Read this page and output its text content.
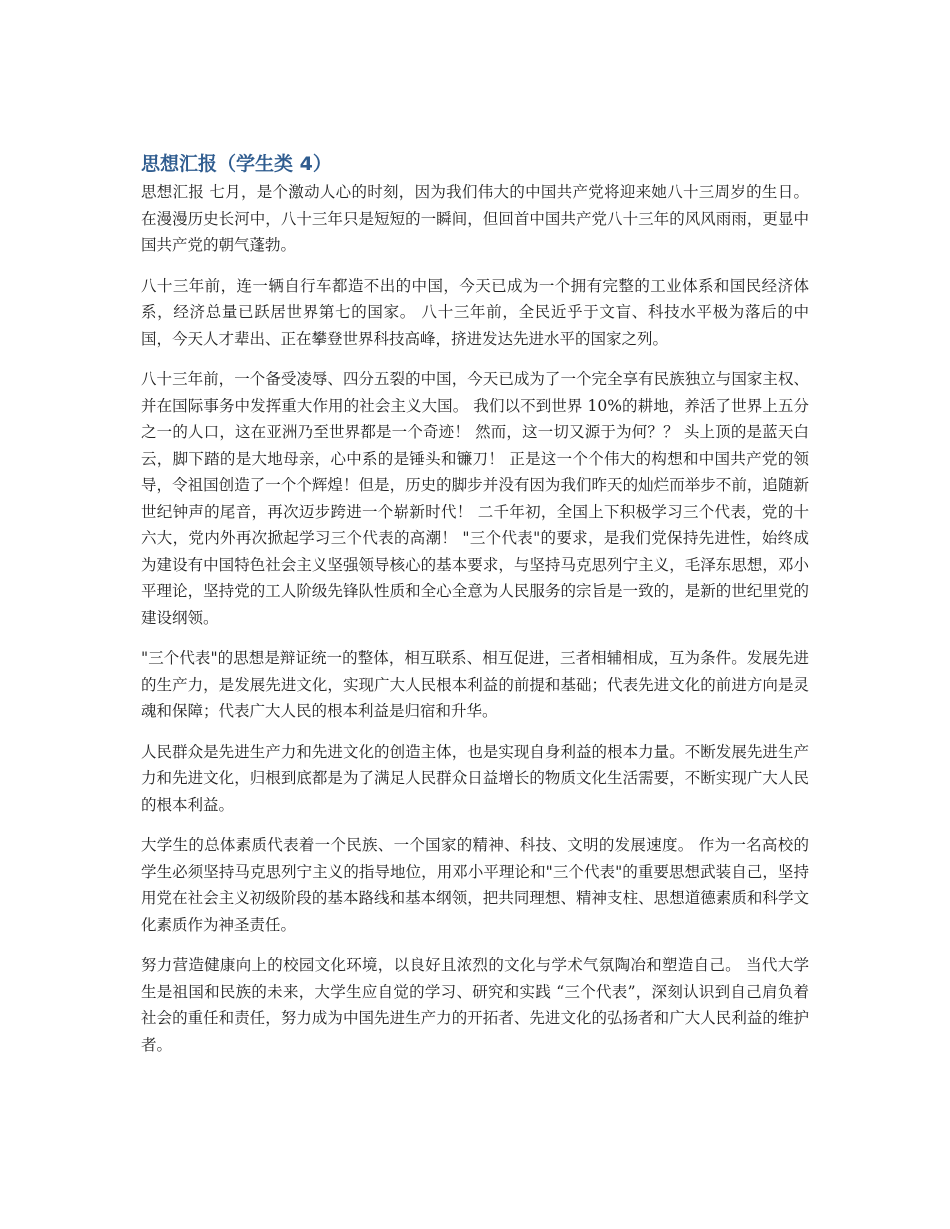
思想汇报（学生类 4）

思想汇报 七月，是个激动人心的时刻，因为我们伟大的中国共产党将迎来她八十三周岁的生日。在漫漫历史长河中，八十三年只是短短的一瞬间，但回首中国共产党八十三年的风风雨雨，更显中国共产党的朝气蓬勃。

八十三年前，连一辆自行车都造不出的中国，今天已成为一个拥有完整的工业体系和国民经济体系，经济总量已跃居世界第七的国家。 八十三年前，全民近乎于文盲、科技水平极为落后的中国，今天人才辈出、正在攀登世界科技高峰，挤进发达先进水平的国家之列。

八十三年前，一个备受凌辱、四分五裂的中国，今天已成为了一个完全享有民族独立与国家主权、并在国际事务中发挥重大作用的社会主义大国。 我们以不到世界 10%的耕地，养活了世界上五分之一的人口，这在亚洲乃至世界都是一个奇迹！ 然而，这一切又源于为何？？ 头上顶的是蓝天白云，脚下踏的是大地母亲，心中系的是锤头和镰刀！ 正是这一个个伟大的构想和中国共产党的领导，令祖国创造了一个个辉煌！但是，历史的脚步并没有因为我们昨天的灿烂而举步不前，追随新世纪钟声的尾音，再次迈步跨进一个崭新时代！ 二千年初，全国上下积极学习三个代表，党的十六大，党内外再次掀起学习三个代表的高潮！ "三个代表"的要求，是我们党保持先进性，始终成为建设有中国特色社会主义坚强领导核心的基本要求，与坚持马克思列宁主义，毛泽东思想，邓小平理论，坚持党的工人阶级先锋队性质和全心全意为人民服务的宗旨是一致的，是新的世纪里党的建设纲领。

"三个代表"的思想是辩证统一的整体，相互联系、相互促进，三者相辅相成，互为条件。发展先进的生产力，是发展先进文化，实现广大人民根本利益的前提和基础；代表先进文化的前进方向是灵魂和保障；代表广大人民的根本利益是归宿和升华。

人民群众是先进生产力和先进文化的创造主体，也是实现自身利益的根本力量。不断发展先进生产力和先进文化，归根到底都是为了满足人民群众日益增长的物质文化生活需要，不断实现广大人民的根本利益。

大学生的总体素质代表着一个民族、一个国家的精神、科技、文明的发展速度。 作为一名高校的学生必须坚持马克思列宁主义的指导地位，用邓小平理论和"三个代表"的重要思想武装自己，坚持用党在社会主义初级阶段的基本路线和基本纲领，把共同理想、精神支柱、思想道德素质和科学文化素质作为神圣责任。

努力营造健康向上的校园文化环境，以良好且浓烈的文化与学术气氛陶冶和塑造自己。 当代大学生是祖国和民族的未来，大学生应自觉的学习、研究和实践 “三个代表”，深刻认识到自己肩负着社会的重任和责任，努力成为中国先进生产力的开拓者、先进文化的弘扬者和广大人民利益的维护者。
